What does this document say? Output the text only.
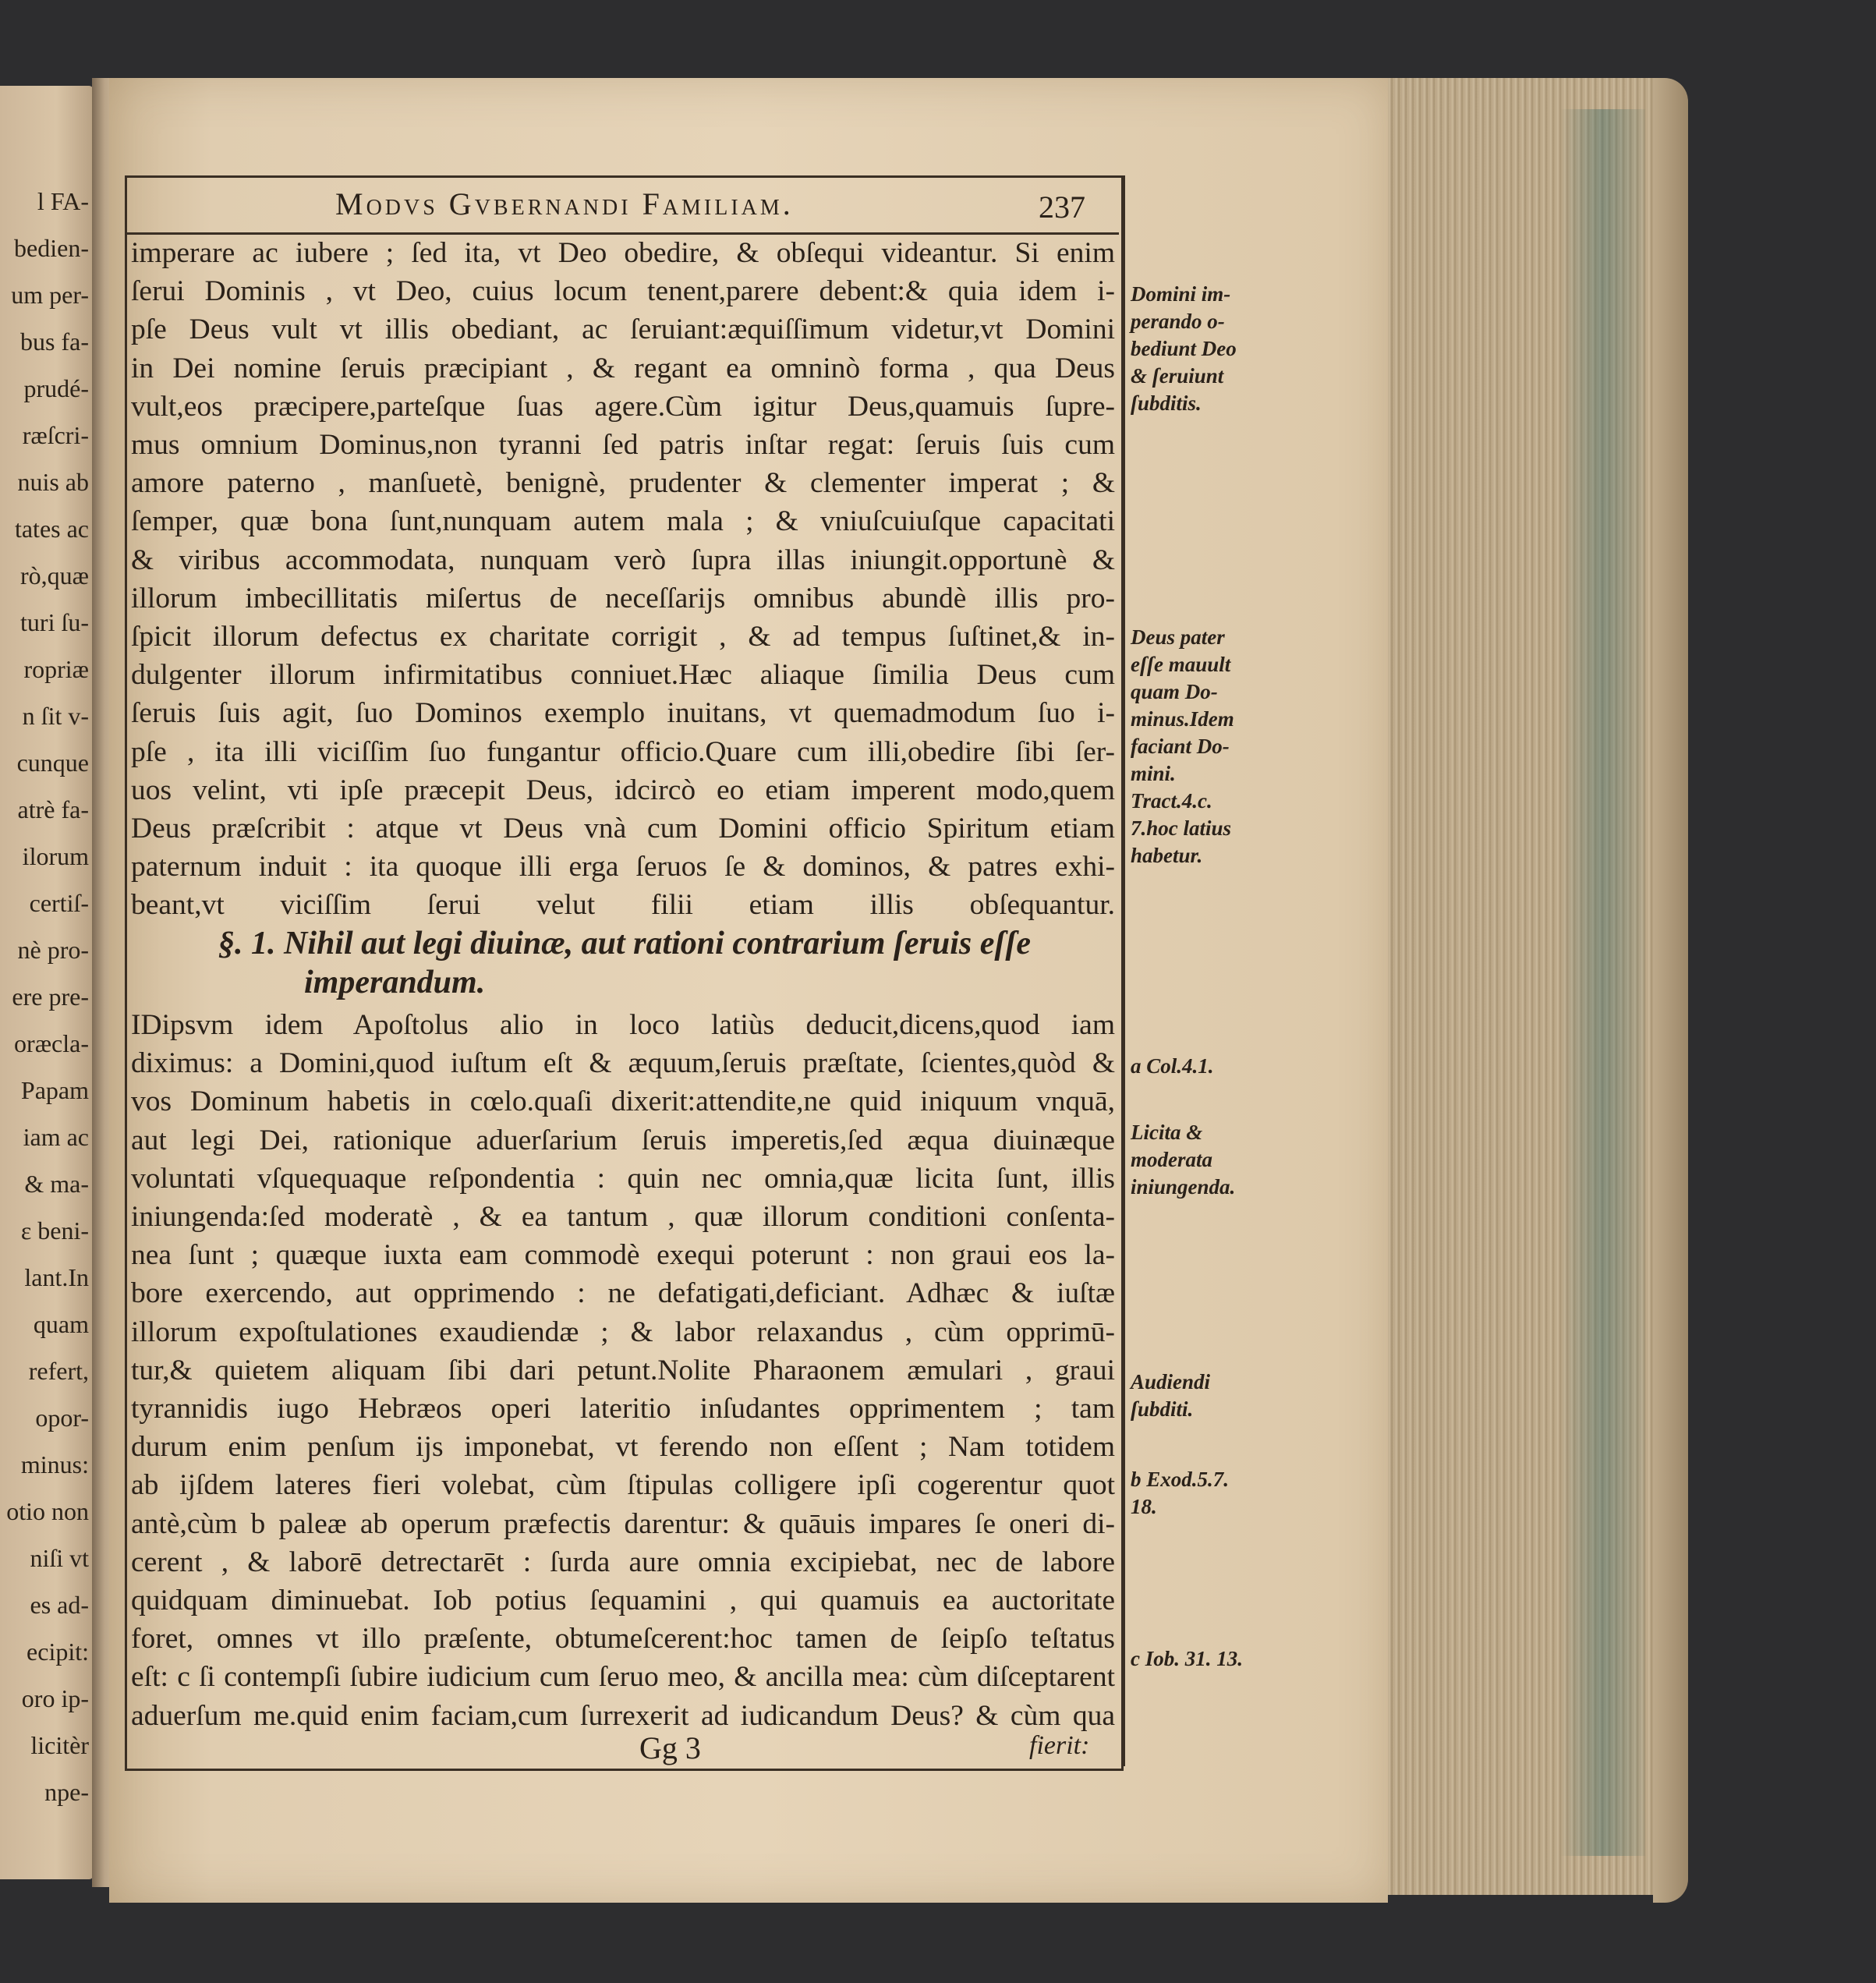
l FA-
bedien-
um per-
bus fa-
prudé-
ræſcri-
nuis ab
tates ac
rò,quæ
turi ſu-
ropriæ
n ſit v-
cunque
atrè fa-
ilorum
certiſ-
nè pro-
ere pre-
oræcla-
Papam
iam ac
& ma-
ε beni-
lant.In
quam
refert,
opor-
minus:
otio non
niſi vt
es ad-
ecipit:
oro ip-
licitèr
npe-
Modvs Gvbernandi Familiam.	237
imperare ac iubere ; ſed ita, vt Deo obedire, & obſequi videantur. Si enim
ſerui Dominis , vt Deo, cuius locum tenent,parere debent:& quia idem i-
pſe Deus vult vt illis obediant, ac ſeruiant:æquiſſimum videtur,vt Domini
in Dei nomine ſeruis præcipiant , & regant ea omninò forma , qua Deus
vult,eos præcipere,parteſque ſuas agere.Cùm igitur Deus,quamuis ſupre-
mus omnium Dominus,non tyranni ſed patris inſtar regat: ſeruis ſuis cum
amore paterno , manſuetè, benignè, prudenter & clementer imperat ; &
ſemper, quæ bona ſunt,nunquam autem mala ; & vniuſcuiuſque capacitati
& viribus accommodata, nunquam verò ſupra illas iniungit.opportunè &
illorum imbecillitatis miſertus de neceſſarijs omnibus abundè illis pro-
ſpicit illorum defectus ex charitate corrigit , & ad tempus ſuſtinet,& in-
dulgenter illorum infirmitatibus conniuet.Hæc aliaque ſimilia Deus cum
ſeruis ſuis agit, ſuo Dominos exemplo inuitans, vt quemadmodum ſuo i-
pſe , ita illi viciſſim ſuo fungantur officio.Quare cum illi,obedire ſibi ſer-
uos velint, vti ipſe præcepit Deus, idcircò eo etiam imperent modo,quem
Deus præſcribit : atque vt Deus vnà cum Domini officio Spiritum etiam
paternum induit : ita quoque illi erga ſeruos ſe & dominos, & patres exhi-
beant,vt viciſſim ſerui velut filii etiam illis obſequantur.
§. 1. Nihil aut legi diuinæ, aut rationi contrarium ſeruis eſſe
imperandum.
IDipsvm idem Apoſtolus alio in loco latiùs deducit,dicens,quod iam
diximus: a Domini,quod iuſtum eſt & æquum,ſeruis præſtate, ſcientes,quòd &
vos Dominum habetis in cœlo.quaſi dixerit:attendite,ne quid iniquum vnquā,
aut legi Dei, rationique aduerſarium ſeruis imperetis,ſed æqua diuinæque
voluntati vſquequaque reſpondentia : quin nec omnia,quæ licita ſunt, illis
iniungenda:ſed moderatè , & ea tantum , quæ illorum conditioni conſenta-
nea ſunt ; quæque iuxta eam commodè exequi poterunt : non graui eos la-
bore exercendo, aut opprimendo : ne defatigati,deficiant. Adhæc & iuſtæ
illorum expoſtulationes exaudiendæ ; & labor relaxandus , cùm opprimū-
tur,& quietem aliquam ſibi dari petunt.Nolite Pharaonem æmulari , graui
tyrannidis iugo Hebræos operi lateritio inſudantes opprimentem ; tam
durum enim penſum ijs imponebat, vt ferendo non eſſent ; Nam totidem
ab ijſdem lateres fieri volebat, cùm ſtipulas colligere ipſi cogerentur quot
antè,cùm b paleæ ab operum præfectis darentur: & quāuis impares ſe oneri di-
cerent , & laborē detrectarēt : ſurda aure omnia excipiebat, nec de labore
quidquam diminuebat. Iob potius ſequamini , qui quamuis ea auctoritate
foret, omnes vt illo præſente, obtumeſcerent:hoc tamen de ſeipſo teſtatus
eſt: c ſi contempſi ſubire iudicium cum ſeruo meo, & ancilla mea: cùm diſceptarent
aduerſum me.quid enim faciam,cum ſurrexerit ad iudicandum Deus? & cùm qua
Domini im-
perando o-
bediunt Deo
& ſeruiunt
ſubditis.
Deus pater
eſſe mauult
quam Do-
minus.Idem
faciant Do-
mini.
Tract.4.c.
7.hoc latius
habetur.
a Col.4.1.
Licita &
moderata
iniungenda.
Audiendi
ſubditi.
b Exod.5.7.
18.
c Iob. 31. 13.
Gg 3	fierit:
